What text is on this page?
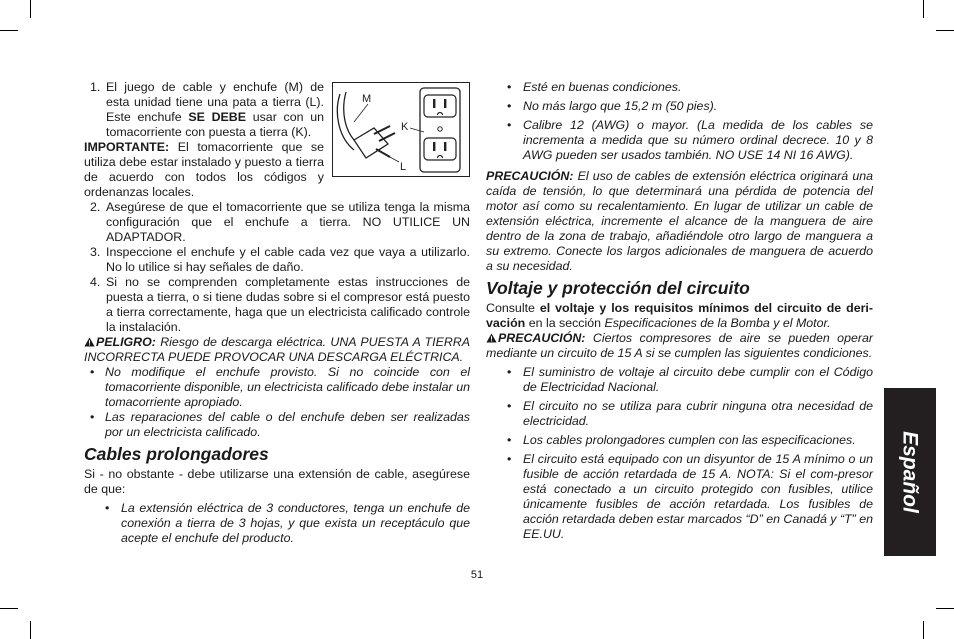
M
K
L

1. El juego de cable y enchufe (M) de esta unidad tiene una pata a tierra (L). Este enchufe SE DEBE usar con un tomacorriente con puesta a tierra (K).

IMPORTANTE: El tomacorriente que se utiliza debe estar instalado y puesto a tierra de acuerdo con todos los códigos y ordenanzas locales.

2. Asegúrese de que el tomacorriente que se utiliza tenga la misma configuración que el enchufe a tierra. NO UTILICE UN ADAPTADOR.

3. Inspeccione el enchufe y el cable cada vez que vaya a utilizarlo. No lo utilice si hay señales de daño.

4. Si no se comprenden completamente estas instrucciones de puesta a tierra, o si tiene dudas sobre si el compresor está puesto a tierra correctamente, haga que un electricista calificado controle la instalación.

PELIGRO: Riesgo de descarga eléctrica. UNA PUESTA A TIERRA INCORRECTA PUEDE PROVOCAR UNA DESCARGA ELÉCTRICA.

• No modifique el enchufe provisto. Si no coincide con el tomacorriente disponible, un electricista calificado debe instalar un tomacorriente apropiado.

• Las reparaciones del cable o del enchufe deben ser realizadas por un electricista calificado.

Cables prolongadores

Si - no obstante - debe utilizarse una extensión de cable, asegúrese de que:

• La extensión eléctrica de 3 conductores, tenga un enchufe de conexión a tierra de 3 hojas, y que exista un receptáculo que acepte el enchufe del producto.

• Esté en buenas condiciones.

• No más largo que 15,2 m (50 pies).

• Calibre 12 (AWG) o mayor. (La medida de los cables se incrementa a medida que su número ordinal decrece. 10 y 8 AWG pueden ser usados también. NO USE 14 NI 16 AWG).

PRECAUCIÓN: El uso de cables de extensión eléctrica originará una caída de tensión, lo que determinará una pérdida de potencia del motor así como su recalentamiento. En lugar de utilizar un cable de extensión eléctrica, incremente el alcance de la manguera de aire dentro de la zona de trabajo, añadiéndole otro largo de manguera a su extremo. Conecte los largos adicionales de manguera de acuerdo a su necesidad.

Voltaje y protección del circuito

Consulte el voltaje y los requisitos mínimos del circuito de deri-vación en la sección Especificaciones de la Bomba y el Motor.

PRECAUCIÓN: Ciertos compresores de aire se pueden operar mediante un circuito de 15 A si se cumplen las siguientes condiciones.

• El suministro de voltaje al circuito debe cumplir con el Código de Electricidad Nacional.

• El circuito no se utiliza para cubrir ninguna otra necesidad de electricidad.

• Los cables prolongadores cumplen con las especificaciones.

• El circuito está equipado con un disyuntor de 15 A mínimo o un fusible de acción retardada de 15 A. NOTA: Si el com-presor está conectado a un circuito protegido con fusibles, utilice únicamente fusibles de acción retardada. Los fusibles de acción retardada deben estar marcados “D” en Canadá y “T” en EE.UU.

Español
51
